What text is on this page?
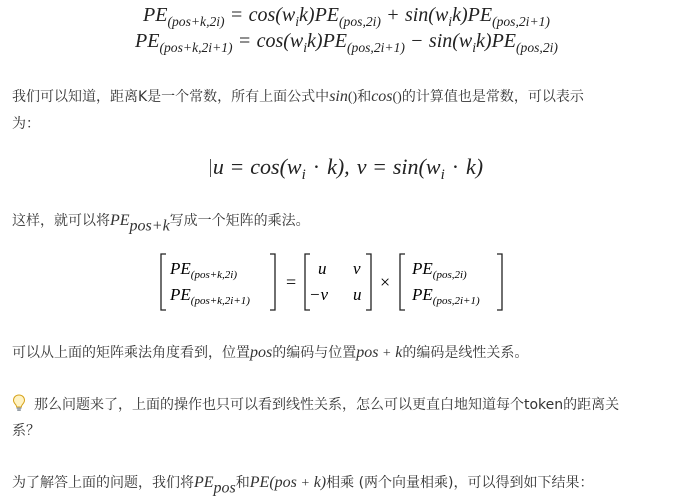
$PE_{(pos+k,2i)} = \cos(w_ik)PE_{(pos,2i)} + \sin(w_ik)PE_{(pos,2i+1)}$
$PE_{(pos+k,2i+1)} = \cos(w_ik)PE_{(pos,2i+1)} - \sin(w_ik)PE_{(pos,2i)}$
我们可以知道，距离K是一个常数，所有上面公式中sin()和cos()的计算值也是常数，可以表示
为：
$u = \cos(w_i \cdot k)$, $v = \sin(w_i \cdot k)$
这样，就可以将PEpos+k写成一个矩阵的乘法。
$PE_{(pos+k,2i)}$
$PE_{(pos+k,2i+1)}$
=
u v
−v u
×
$PE_{(pos,2i)}$
$PE_{(pos,2i+1)}$
可以从上面的矩阵乘法角度看到，位置pos的编码与位置pos + k的编码是线性关系。
那么问题来了，上面的操作也只可以看到线性关系，怎么可以更直白地知道每个token的距离关
系？
为了解答上面的问题，我们将PEpos和PE(pos + k)相乘 (两个向量相乘)，可以得到如下结果：
